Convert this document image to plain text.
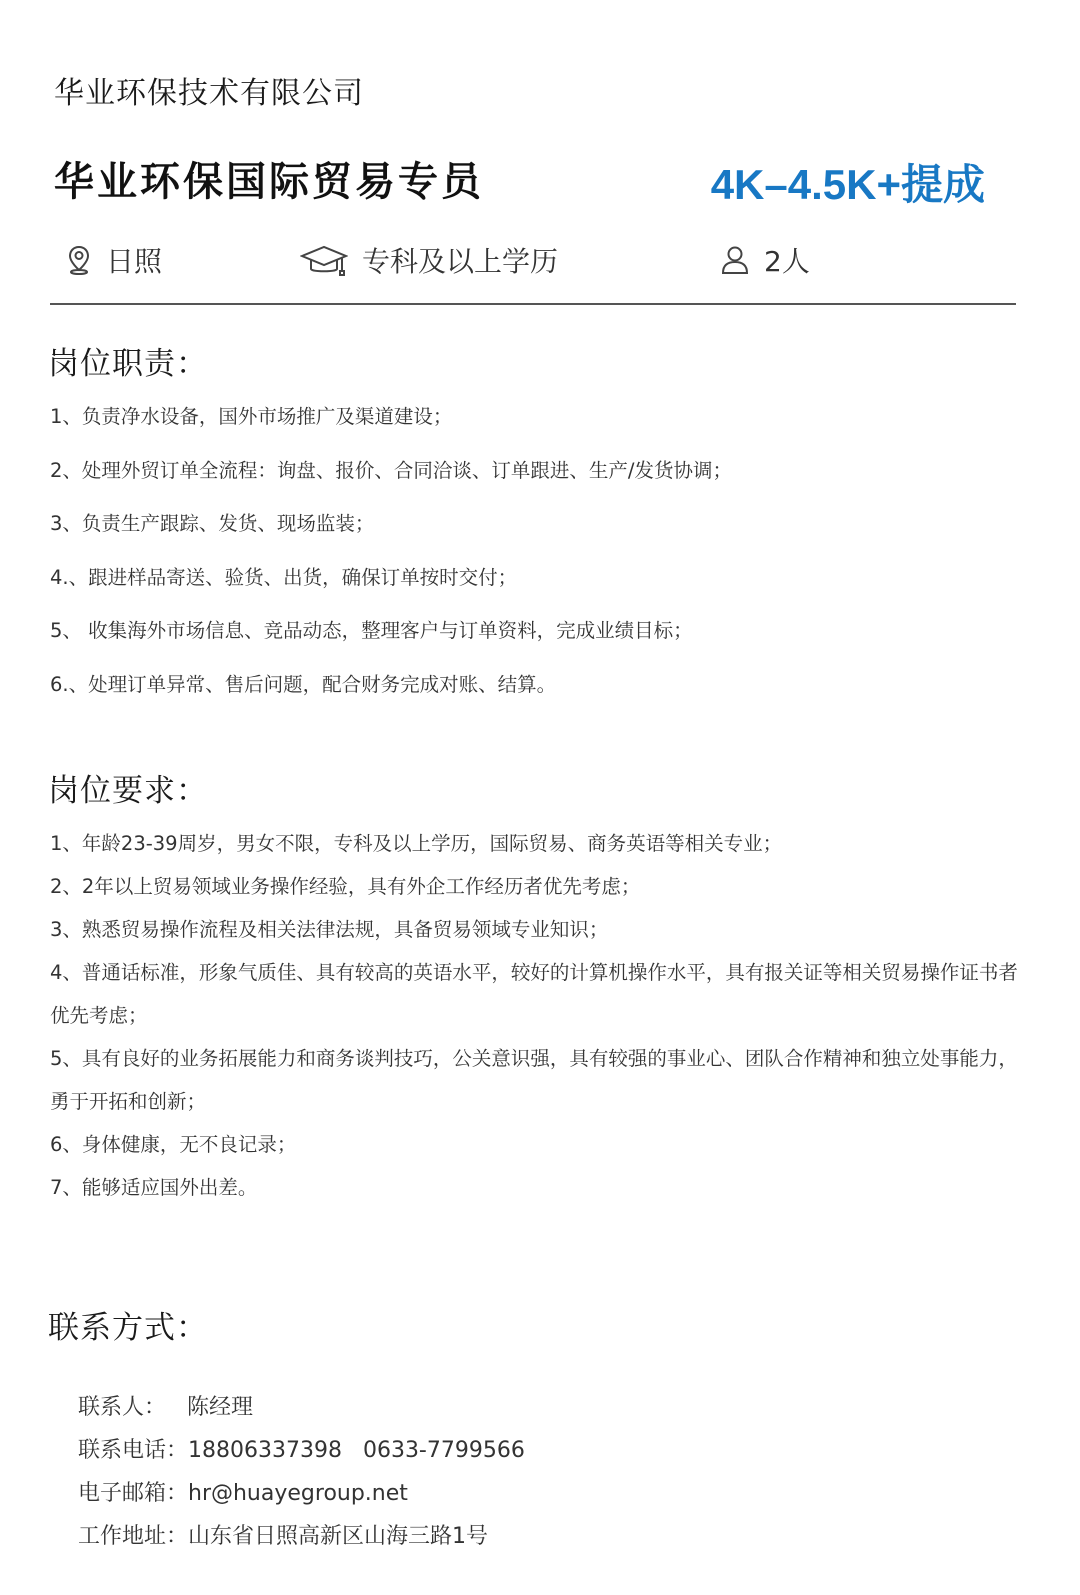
华业环保技术有限公司
华业环保国际贸易专员	4K–4.5K+提成
日照	专科及以上学历	2人
岗位职责：
1、负责净水设备，国外市场推广及渠道建设；
2、处理外贸订单全流程：询盘、报价、合同洽谈、订单跟进、生产/发货协调；
3、负责生产跟踪、发货、现场监装；
4.、跟进样品寄送、验货、出货，确保订单按时交付；
5、 收集海外市场信息、竞品动态，整理客户与订单资料，完成业绩目标；
6.、处理订单异常、售后问题，配合财务完成对账、结算。
岗位要求：
1、年龄23-39周岁，男女不限，专科及以上学历，国际贸易、商务英语等相关专业；
2、2年以上贸易领域业务操作经验，具有外企工作经历者优先考虑；
3、熟悉贸易操作流程及相关法律法规，具备贸易领域专业知识；
4、普通话标准，形象气质佳、具有较高的英语水平，较好的计算机操作水平，具有报关证等相关贸易操作证书者优先考虑；
5、具有良好的业务拓展能力和商务谈判技巧，公关意识强，具有较强的事业心、团队合作精神和独立处事能力，勇于开拓和创新；
6、身体健康，无不良记录；
7、能够适应国外出差。
联系方式：

联系人： 陈经理

联系电话：18806337398   0633-7799566

电子邮箱：hr@huayegroup.net

工作地址：山东省日照高新区山海三路1号
